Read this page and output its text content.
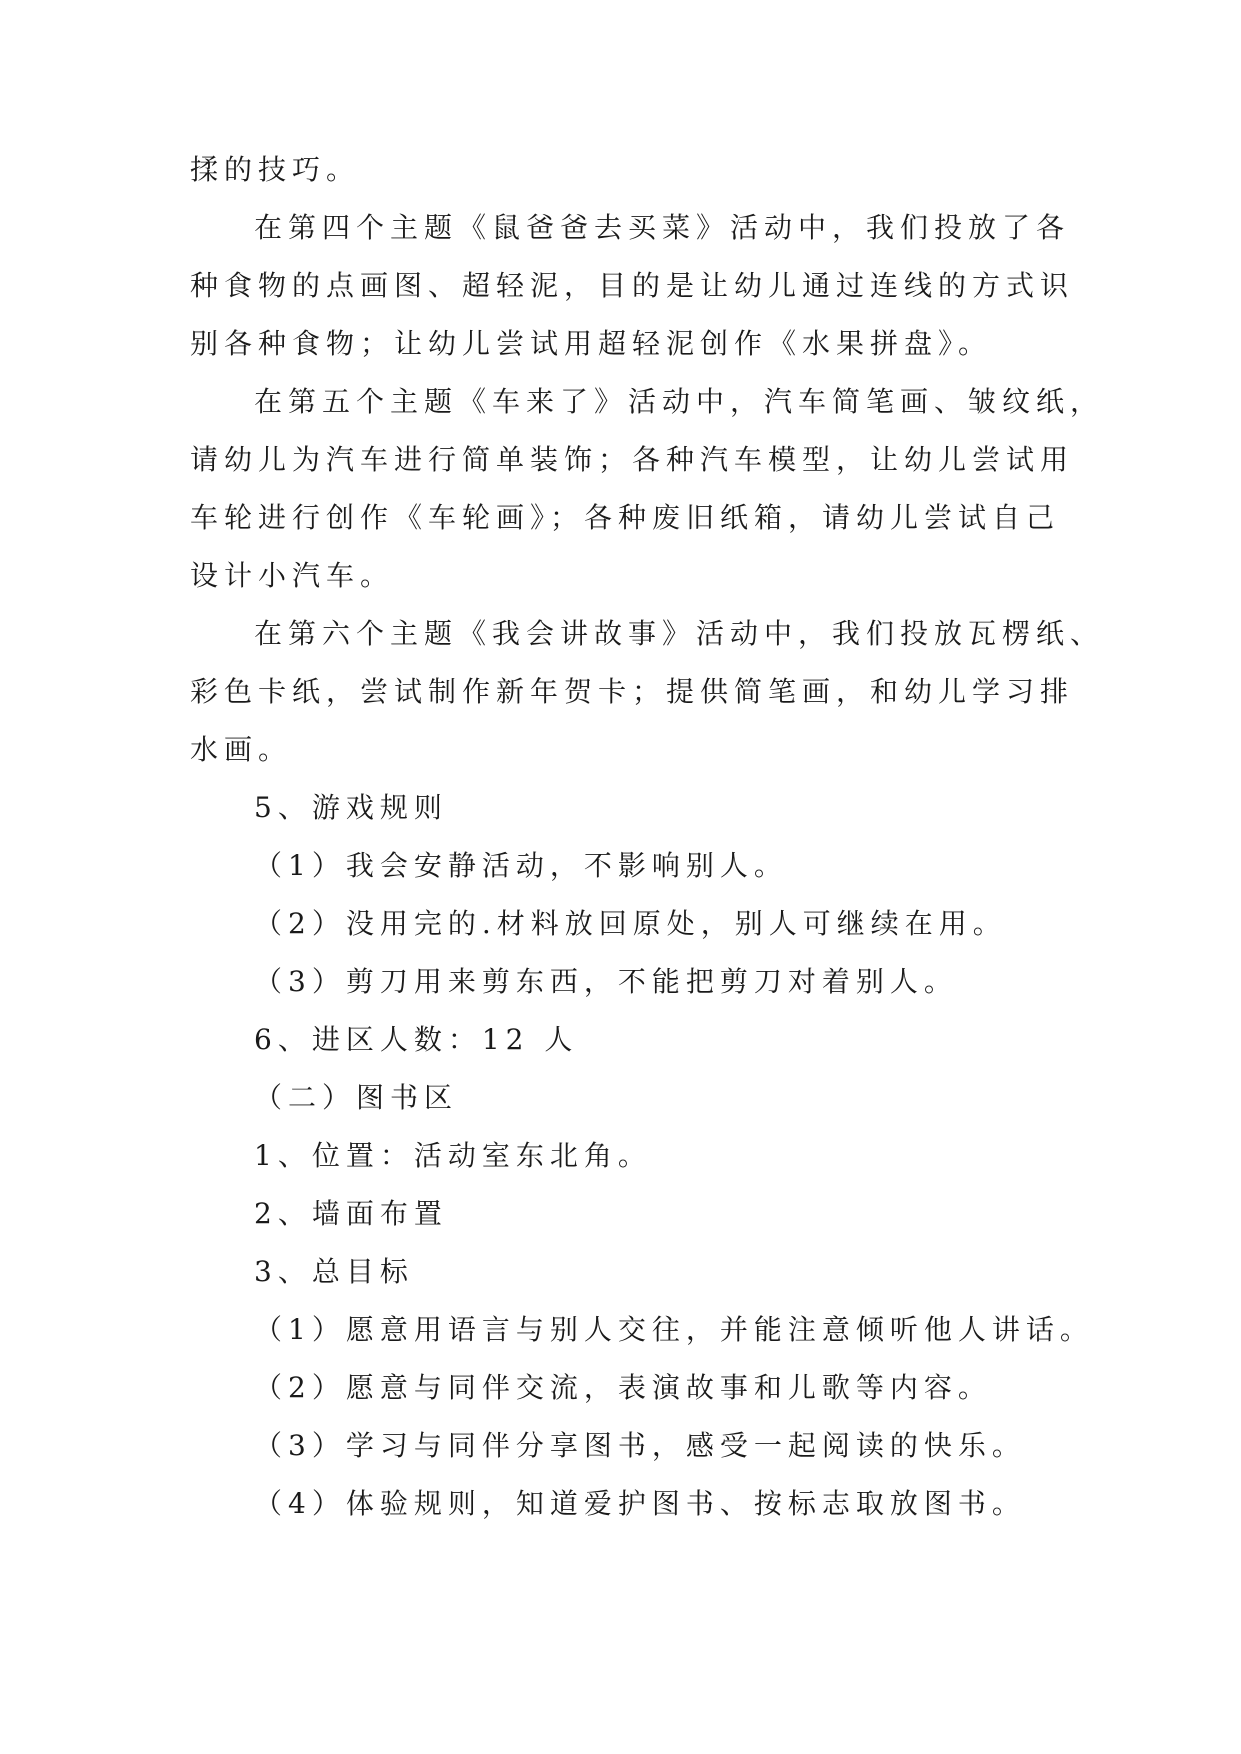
揉的技巧。
在第四个主题《鼠爸爸去买菜》活动中，我们投放了各
种食物的点画图、超轻泥，目的是让幼儿通过连线的方式识
别各种食物；让幼儿尝试用超轻泥创作《水果拼盘》。
在第五个主题《车来了》活动中，汽车简笔画、皱纹纸，
请幼儿为汽车进行简单装饰；各种汽车模型，让幼儿尝试用
车轮进行创作《车轮画》；各种废旧纸箱，请幼儿尝试自己
设计小汽车。
在第六个主题《我会讲故事》活动中，我们投放瓦楞纸、
彩色卡纸，尝试制作新年贺卡；提供简笔画，和幼儿学习排
水画。
5、游戏规则
（1）我会安静活动，不影响别人。
（2）没用完的.材料放回原处，别人可继续在用。
（3）剪刀用来剪东西，不能把剪刀对着别人。
6、进区人数：12 人
（二）图书区
1、位置：活动室东北角。
2、墙面布置
3、总目标
（1）愿意用语言与别人交往，并能注意倾听他人讲话。
（2）愿意与同伴交流，表演故事和儿歌等内容。
（3）学习与同伴分享图书，感受一起阅读的快乐。
（4）体验规则，知道爱护图书、按标志取放图书。
